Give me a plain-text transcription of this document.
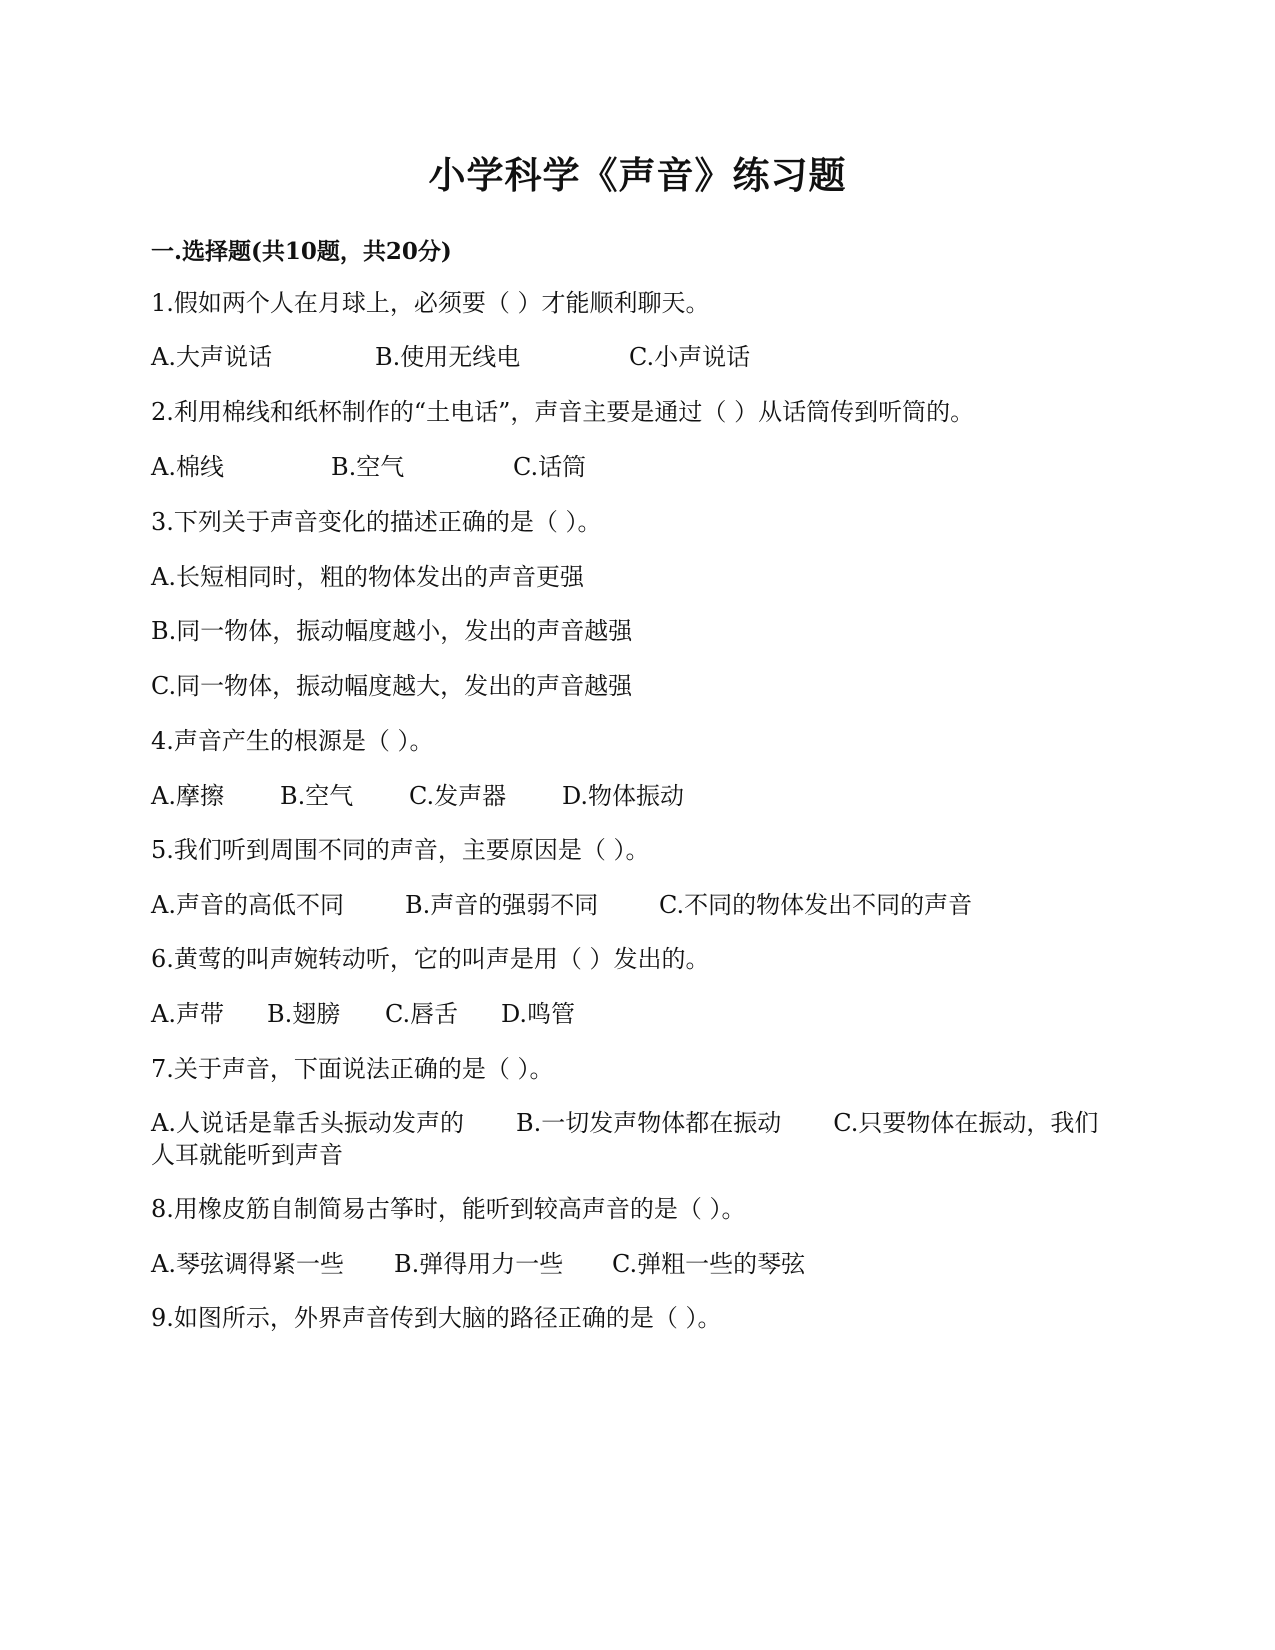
小学科学《声音》练习题
一.选择题(共10题，共20分)
1.假如两个人在月球上，必须要（ ）才能顺利聊天。
A.大声说话	B.使用无线电	C.小声说话
2.利用棉线和纸杯制作的“土电话”，声音主要是通过（ ）从话筒传到听筒的。
A.棉线	B.空气	C.话筒
3.下列关于声音变化的描述正确的是（ ）。
A.长短相同时，粗的物体发出的声音更强
B.同一物体，振动幅度越小，发出的声音越强
C.同一物体，振动幅度越大，发出的声音越强
4.声音产生的根源是（ ）。
A.摩擦 B.空气 C.发声器 D.物体振动
5.我们听到周围不同的声音，主要原因是（ ）。
A.声音的高低不同	B.声音的强弱不同	C.不同的物体发出不同的声音
6.黄莺的叫声婉转动听，它的叫声是用（ ）发出的。
A.声带 B.翅膀 C.唇舌 D.鸣管
7.关于声音，下面说法正确的是（ ）。
A.人说话是靠舌头振动发声的 B.一切发声物体都在振动 C.只要物体在振动，我们人耳就能听到声音
8.用橡皮筋自制简易古筝时，能听到较高声音的是（ ）。
A.琴弦调得紧一些 B.弹得用力一些 C.弹粗一些的琴弦
9.如图所示，外界声音传到大脑的路径正确的是（ ）。
